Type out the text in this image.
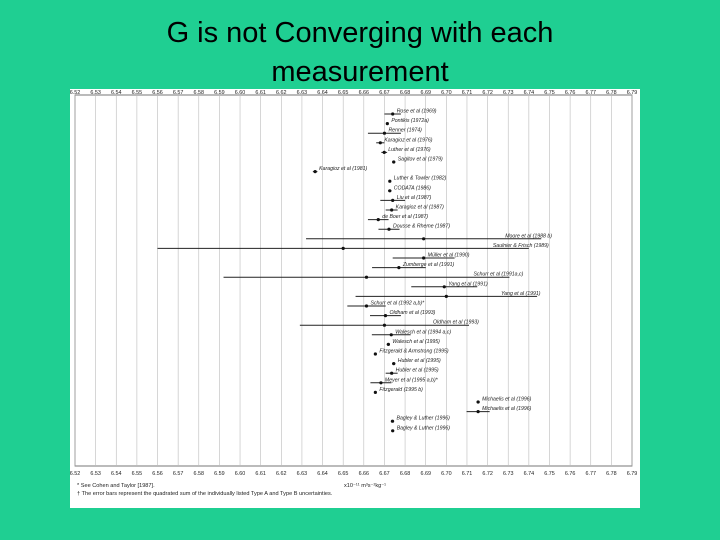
G is not Converging with each
measurement
6.52
6.52
6.53
6.53
6.54
6.54
6.55
6.55
6.56
6.56
6.57
6.57
6.58
6.58
6.59
6.59
6.60
6.60
6.61
6.61
6.62
6.62
6.63
6.63
6.64
6.64
6.65
6.65
6.66
6.66
6.67
6.67
6.68
6.68
6.69
6.69
6.70
6.70
6.71
6.71
6.72
6.72
6.73
6.73
6.74
6.74
6.75
6.75
6.76
6.76
6.77
6.77
6.78
6.78
6.79
6.79
Rose et al (1969)
Pontikis (1972a)
Renner (1974)
Karagioz et al (1976)
Luther et al (1976)
Sagitov et al (1979)
Karagioz et al (1981)
Luther & Towler (1982)
CODATA (1986)
Liu et al (1987)
Karagioz et al (1987)
de Boer et al (1987)
Dousse & Rheme (1987)
Moore et al (1988 b)
Saulnier & Frisch (1989)
Müller et al (1990)
Zumberge et al (1991)
Schurr et al (1991a,c)
Yang et al (1991)
Yang et al (1991)
Schurr et al (1992 a,b)*
Oldham et al (1993)
Oldham et al (1993)
Walesch et al (1994 a,c)
Walesch et al (1995)
Fitzgerald & Armstrong (1995)
Hubler et al (1995)
Hubler et al (1995)
Meyer et al (1995 a,b)*
Fitzgerald (1995 b)
Michaelis et al (1996)
Michaelis et al (1996)
Bagley & Luther (1996)
Bagley & Luther (1996)
x10⁻¹¹ m³s⁻²kg⁻¹
* See Cohen and Taylor [1987].
† The error bars represent the quadrated sum of the individually listed Type A and Type B uncertainties.
